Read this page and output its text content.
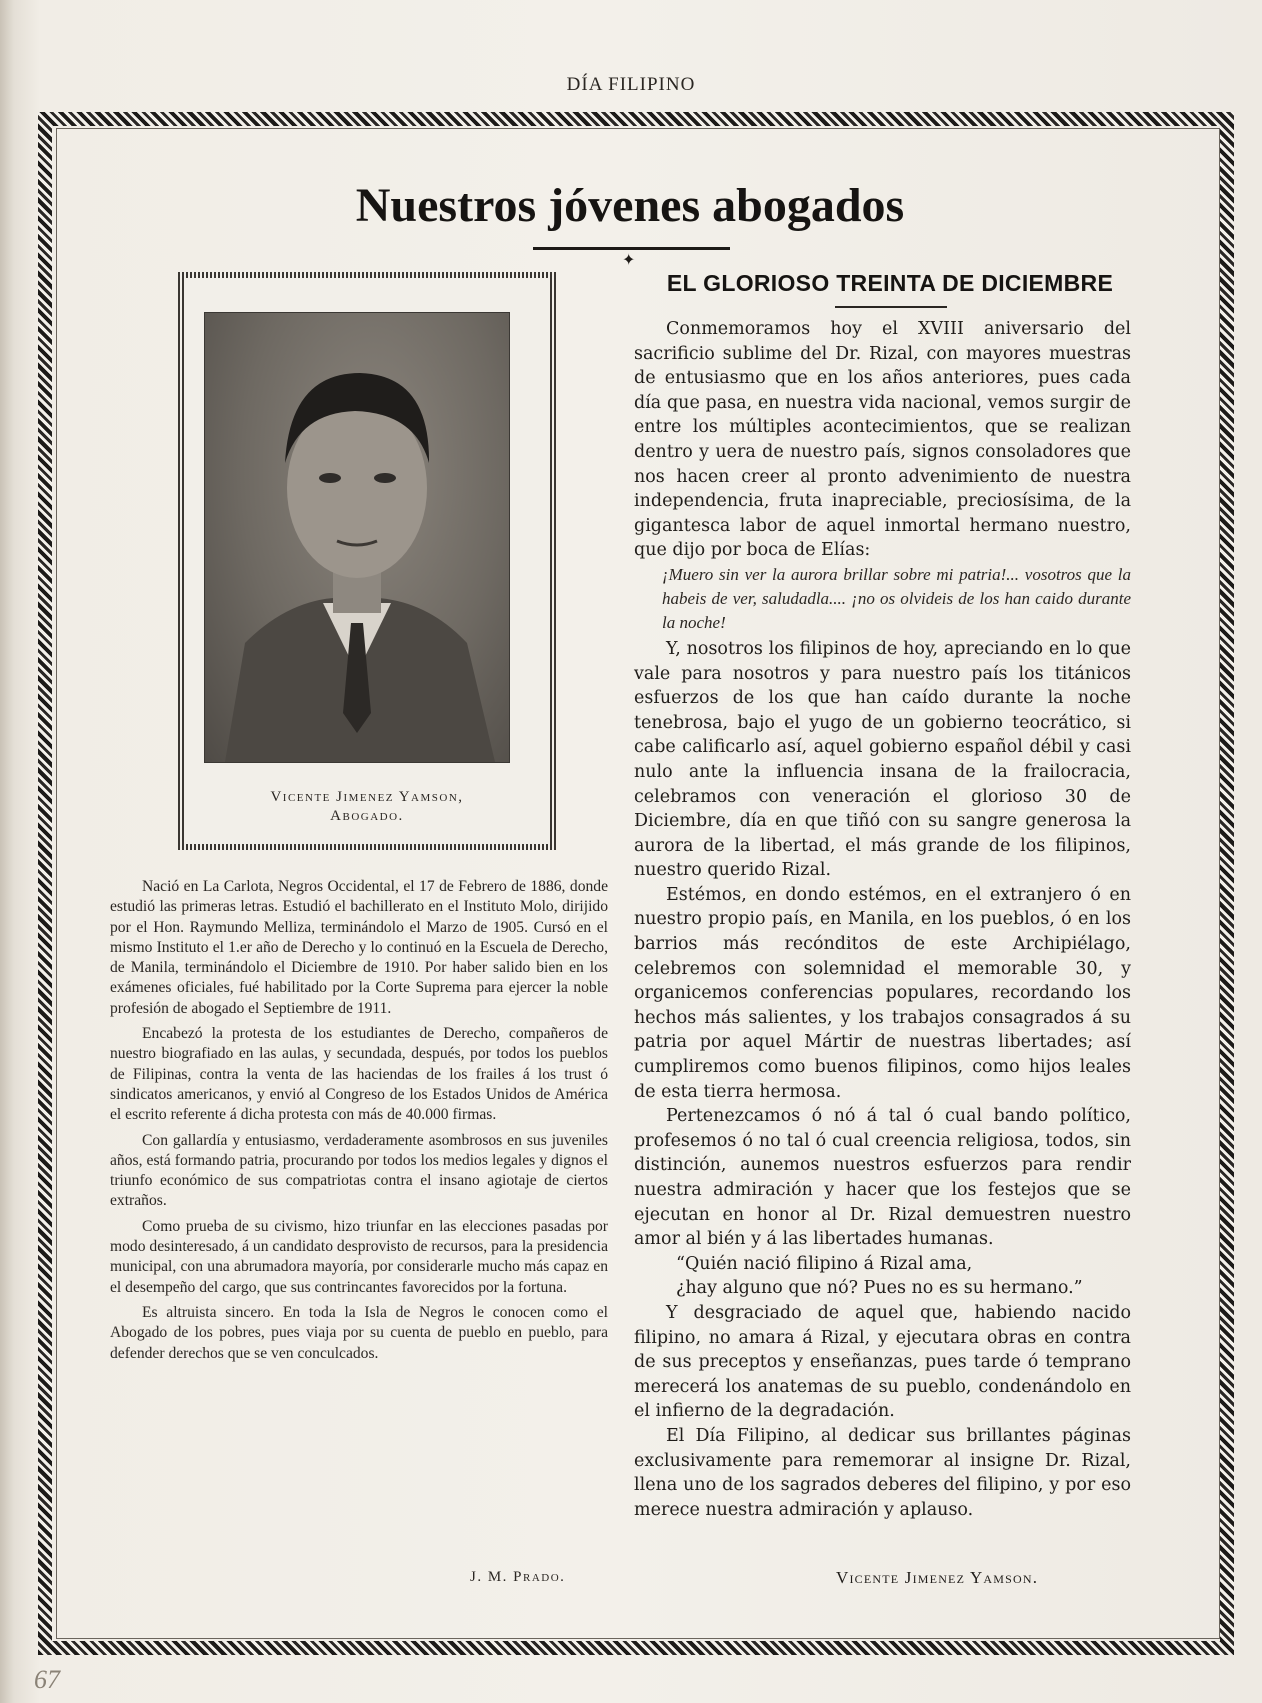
DÍA FILIPINO
Nuestros jóvenes abogados
✦
Vicente Jimenez Yamson,
Abogado.

Nació en La Carlota, Negros Occidental, el 17 de Febrero de 1886, donde estudió las primeras letras. Estudió el bachillerato en el Instituto Molo, dirijido por el Hon. Raymundo Melliza, terminándolo el Marzo de 1905. Cursó en el mismo Instituto el 1.er año de Derecho y lo continuó en la Escuela de Derecho, de Manila, terminándolo el Diciembre de 1910. Por haber salido bien en los exámenes oficiales, fué habilitado por la Corte Suprema para ejercer la noble profesión de abogado el Septiembre de 1911.

Encabezó la protesta de los estudiantes de Derecho, compañeros de nuestro biografiado en las aulas, y secundada, después, por todos los pueblos de Filipinas, contra la venta de las haciendas de los frailes á los trust ó sindicatos americanos, y envió al Congreso de los Estados Unidos de América el escrito referente á dicha protesta con más de 40.000 firmas.

Con gallardía y entusiasmo, verdaderamente asombrosos en sus juveniles años, está formando patria, procurando por todos los medios legales y dignos el triunfo económico de sus compatriotas contra el insano agiotaje de ciertos extraños.

Como prueba de su civismo, hizo triunfar en las elecciones pasadas por modo desinteresado, á un candidato desprovisto de recursos, para la presidencia municipal, con una abrumadora mayoría, por considerarle mucho más capaz en el desempeño del cargo, que sus contrincantes favorecidos por la fortuna.

Es altruista sincero. En toda la Isla de Negros le conocen como el Abogado de los pobres, pues viaja por su cuenta de pueblo en pueblo, para defender derechos que se ven conculcados.

J. M. Prado.
EL GLORIOSO TREINTA DE DICIEMBRE

Conmemoramos hoy el XVIII aniversario del sacrificio sublime del Dr. Rizal, con mayores muestras de entusiasmo que en los años anteriores, pues cada día que pasa, en nuestra vida nacional, vemos surgir de entre los múltiples acontecimientos, que se realizan dentro y uera de nuestro país, signos consoladores que nos hacen creer al pronto advenimiento de nuestra independencia, fruta inapreciable, preciosísima, de la gigantesca labor de aquel inmortal hermano nuestro, que dijo por boca de Elías:

¡Muero sin ver la aurora brillar sobre mi patria!... vosotros que la habeis de ver, saludadla.... ¡no os olvideis de los han caido durante la noche!

Y, nosotros los filipinos de hoy, apreciando en lo que vale para nosotros y para nuestro país los titánicos esfuerzos de los que han caído durante la noche tenebrosa, bajo el yugo de un gobierno teocrático, si cabe calificarlo así, aquel gobierno español débil y casi nulo ante la influencia insana de la frailocracia, celebramos con veneración el glorioso 30 de Diciembre, día en que tiñó con su sangre generosa la aurora de la libertad, el más grande de los filipinos, nuestro querido Rizal.

Estémos, en dondo estémos, en el extranjero ó en nuestro propio país, en Manila, en los pueblos, ó en los barrios más recónditos de este Archipiélago, celebremos con solemnidad el memorable 30, y organicemos conferencias populares, recordando los hechos más salientes, y los trabajos consagrados á su patria por aquel Mártir de nuestras libertades; así cumpliremos como buenos filipinos, como hijos leales de esta tierra hermosa.

Pertenezcamos ó nó á tal ó cual bando político, profesemos ó no tal ó cual creencia religiosa, todos, sin distinción, aunemos nuestros esfuerzos para rendir nuestra admiración y hacer que los festejos que se ejecutan en honor al Dr. Rizal demuestren nuestro amor al bién y á las libertades humanas.

“Quién nació filipino á Rizal ama,

¿hay alguno que nó? Pues no es su hermano.”

Y desgraciado de aquel que, habiendo nacido filipino, no amara á Rizal, y ejecutara obras en contra de sus preceptos y enseñanzas, pues tarde ó temprano merecerá los anatemas de su pueblo, condenándolo en el infierno de la degradación.

El Día Filipino, al dedicar sus brillantes páginas exclusivamente para rememorar al insigne Dr. Rizal, llena uno de los sagrados deberes del filipino, y por eso merece nuestra admiración y aplauso.

Vicente Jimenez Yamson.
67
